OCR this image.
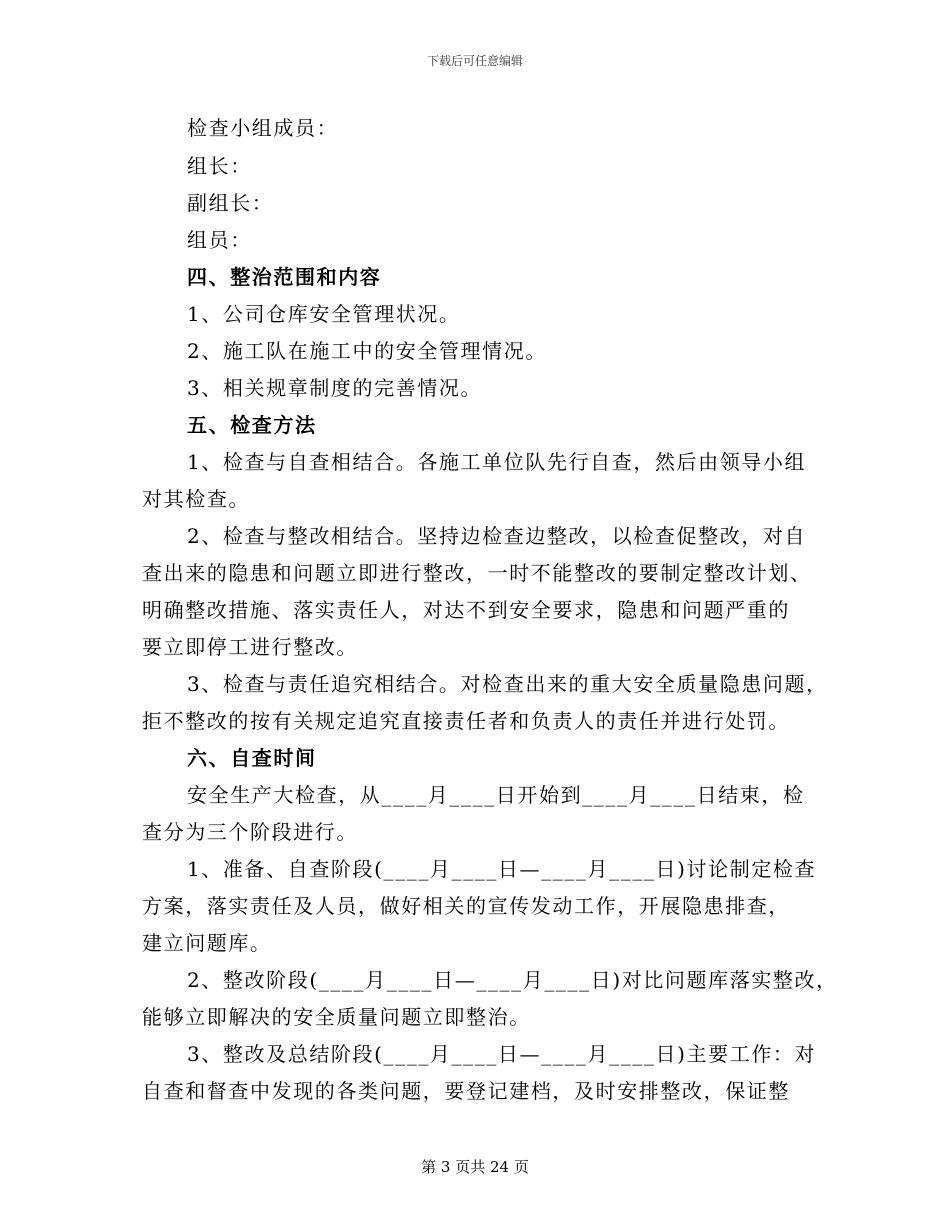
下载后可任意编辑
检查小组成员：
组长：
副组长：
组员：
四、整治范围和内容
1、公司仓库安全管理状况。
2、施工队在施工中的安全管理情况。
3、相关规章制度的完善情况。
五、检查方法
1、检查与自查相结合。各施工单位队先行自查，然后由领导小组
对其检查。
2、检查与整改相结合。坚持边检查边整改，以检查促整改，对自
查出来的隐患和问题立即进行整改，一时不能整改的要制定整改计划、
明确整改措施、落实责任人，对达不到安全要求，隐患和问题严重的
要立即停工进行整改。
3、检查与责任追究相结合。对检查出来的重大安全质量隐患问题，
拒不整改的按有关规定追究直接责任者和负责人的责任并进行处罚。
六、自查时间
安全生产大检查，从____月____日开始到____月____日结束，检
查分为三个阶段进行。
1、准备、自查阶段(____月____日—____月____日)讨论制定检查
方案，落实责任及人员，做好相关的宣传发动工作，开展隐患排查，
建立问题库。
2、整改阶段(____月____日—____月____日)对比问题库落实整改，
能够立即解决的安全质量问题立即整治。
3、整改及总结阶段(____月____日—____月____日)主要工作：对
自查和督查中发现的各类问题，要登记建档，及时安排整改，保证整
第 3 页共 24 页
